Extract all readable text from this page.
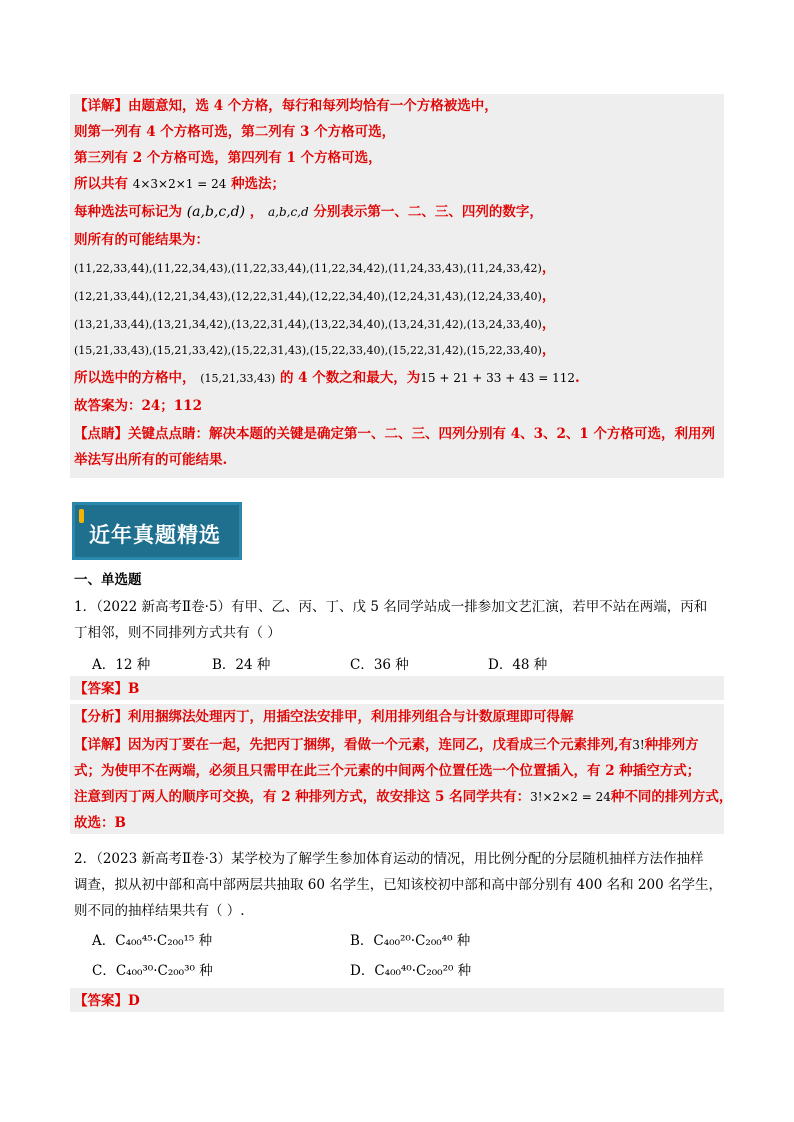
【详解】由题意知，选 4 个方格，每行和每列均恰有一个方格被选中，
则第一列有 4 个方格可选，第二列有 3 个方格可选，
第三列有 2 个方格可选，第四列有 1 个方格可选，
所以共有 4×3×2×1 = 24 种选法；
每种选法可标记为 (a,b,c,d) ， a,b,c,d 分别表示第一、二、三、四列的数字，
则所有的可能结果为：
(11,22,33,44),(11,22,34,43),(11,22,33,44),(11,22,34,42),(11,24,33,43),(11,24,33,42)，
(12,21,33,44),(12,21,34,43),(12,22,31,44),(12,22,34,40),(12,24,31,43),(12,24,33,40)，
(13,21,33,44),(13,21,34,42),(13,22,31,44),(13,22,34,40),(13,24,31,42),(13,24,33,40)，
(15,21,33,43),(15,21,33,42),(15,22,31,43),(15,22,33,40),(15,22,31,42),(15,22,33,40)，
所以选中的方格中， (15,21,33,43) 的 4 个数之和最大，为15 + 21 + 33 + 43 = 112.
故答案为：24；112
【点睛】关键点点睛：解决本题的关键是确定第一、二、三、四列分别有 4、3、2、1 个方格可选，利用列
举法写出所有的可能结果.
近年真题精选
一、单选题
1．（2022 新高考Ⅱ卷·5）有甲、乙、丙、丁、戊 5 名同学站成一排参加文艺汇演，若甲不站在两端，丙和
丁相邻，则不同排列方式共有（ ）
A．12 种	B．24 种	C．36 种	D．48 种
【答案】B
【分析】利用捆绑法处理丙丁，用插空法安排甲，利用排列组合与计数原理即可得解
【详解】因为丙丁要在一起，先把丙丁捆绑，看做一个元素，连同乙，戊看成三个元素排列,有3!种排列方
式；为使甲不在两端，必须且只需甲在此三个元素的中间两个位置任选一个位置插入，有 2 种插空方式；
注意到丙丁两人的顺序可交换，有 2 种排列方式，故安排这 5 名同学共有：3!×2×2 = 24种不同的排列方式，
故选：B
2．（2023 新高考Ⅱ卷·3）某学校为了解学生参加体育运动的情况，用比例分配的分层随机抽样方法作抽样
调查，拟从初中部和高中部两层共抽取 60 名学生，已知该校初中部和高中部分别有 400 名和 200 名学生，
则不同的抽样结果共有（ ）.
A．C₄₀₀⁴⁵·C₂₀₀¹⁵ 种	B．C₄₀₀²⁰·C₂₀₀⁴⁰ 种
C．C₄₀₀³⁰·C₂₀₀³⁰ 种	D．C₄₀₀⁴⁰·C₂₀₀²⁰ 种
【答案】D
